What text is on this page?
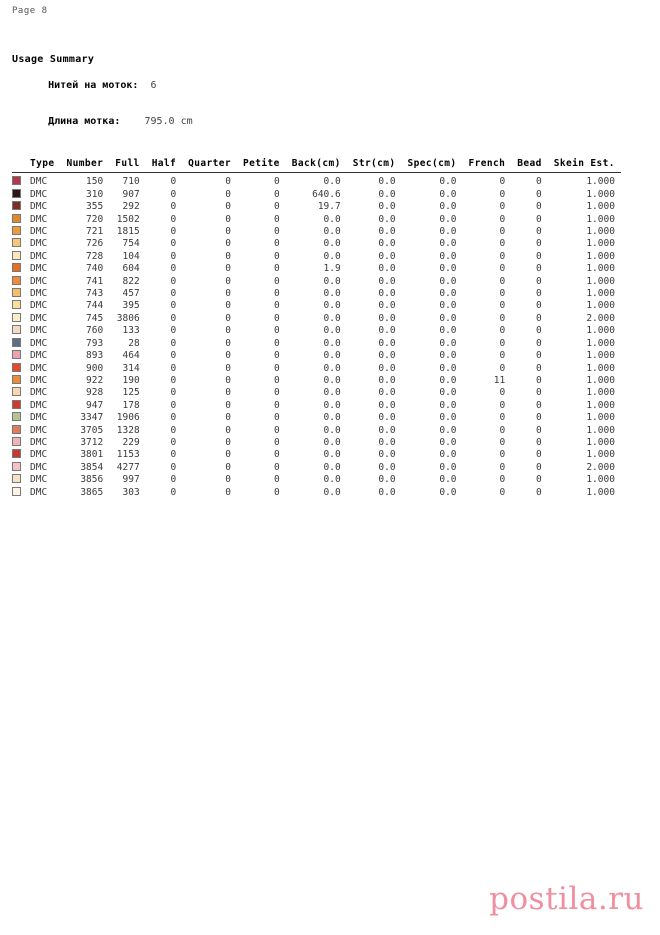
Page 8
Usage Summary

Нитей на моток:  6

Длина мотка:    795.0 cm

	Type	Number	Full	Half	Quarter	Petite	Back(cm)	Str(cm)	Spec(cm)	French	Bead	Skein Est.
	DMC	150	710	0	0	0	0.0	0.0	0.0	0	0	1.000
	DMC	310	907	0	0	0	640.6	0.0	0.0	0	0	1.000
	DMC	355	292	0	0	0	19.7	0.0	0.0	0	0	1.000
	DMC	720	1502	0	0	0	0.0	0.0	0.0	0	0	1.000
	DMC	721	1815	0	0	0	0.0	0.0	0.0	0	0	1.000
	DMC	726	754	0	0	0	0.0	0.0	0.0	0	0	1.000
	DMC	728	104	0	0	0	0.0	0.0	0.0	0	0	1.000
	DMC	740	604	0	0	0	1.9	0.0	0.0	0	0	1.000
	DMC	741	822	0	0	0	0.0	0.0	0.0	0	0	1.000
	DMC	743	457	0	0	0	0.0	0.0	0.0	0	0	1.000
	DMC	744	395	0	0	0	0.0	0.0	0.0	0	0	1.000
	DMC	745	3806	0	0	0	0.0	0.0	0.0	0	0	2.000
	DMC	760	133	0	0	0	0.0	0.0	0.0	0	0	1.000
	DMC	793	28	0	0	0	0.0	0.0	0.0	0	0	1.000
	DMC	893	464	0	0	0	0.0	0.0	0.0	0	0	1.000
	DMC	900	314	0	0	0	0.0	0.0	0.0	0	0	1.000
	DMC	922	190	0	0	0	0.0	0.0	0.0	11	0	1.000
	DMC	928	125	0	0	0	0.0	0.0	0.0	0	0	1.000
	DMC	947	178	0	0	0	0.0	0.0	0.0	0	0	1.000
	DMC	3347	1906	0	0	0	0.0	0.0	0.0	0	0	1.000
	DMC	3705	1328	0	0	0	0.0	0.0	0.0	0	0	1.000
	DMC	3712	229	0	0	0	0.0	0.0	0.0	0	0	1.000
	DMC	3801	1153	0	0	0	0.0	0.0	0.0	0	0	1.000
	DMC	3854	4277	0	0	0	0.0	0.0	0.0	0	0	2.000
	DMC	3856	997	0	0	0	0.0	0.0	0.0	0	0	1.000
	DMC	3865	303	0	0	0	0.0	0.0	0.0	0	0	1.000
postila.ru
